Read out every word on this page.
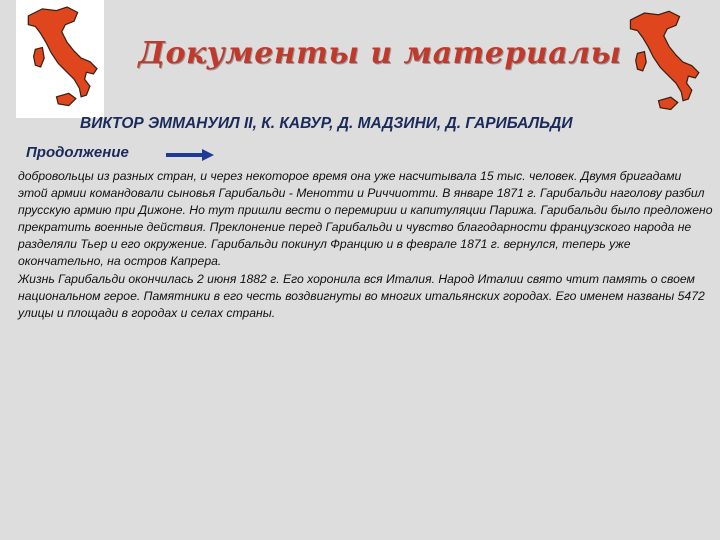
Документы и материалы
ВИКТОР ЭММАНУИЛ II, К. КАВУР, Д. МАДЗИНИ, Д. ГАРИБАЛЬДИ
Продолжение

добровольцы из разных стран, и через некоторое время она уже насчитывала 15 тыс. человек. Двумя бригадами этой армии командовали сыновья Гарибальди - Менотти и Риччиотти. В январе 1871 г. Гарибальди наголову разбил прусскую армию при Дижоне. Но тут пришли вести о перемирии и капитуляции Парижа. Гарибальди было предложено прекратить военные действия. Преклонение перед Гарибальди и чувство благодарности французского народа не разделяли Тьер и его окружение. Гарибальди покинул Францию и в феврале 1871 г. вернулся, теперь уже окончательно, на остров Капрера.

Жизнь Гарибальди окончилась 2 июня 1882 г. Его хоронила вся Италия. Народ Италии свято чтит память о своем национальном герое. Памятники в его честь воздвигнуты во многих итальянских городах. Его именем названы 5472 улицы и площади в городах и селах страны.
